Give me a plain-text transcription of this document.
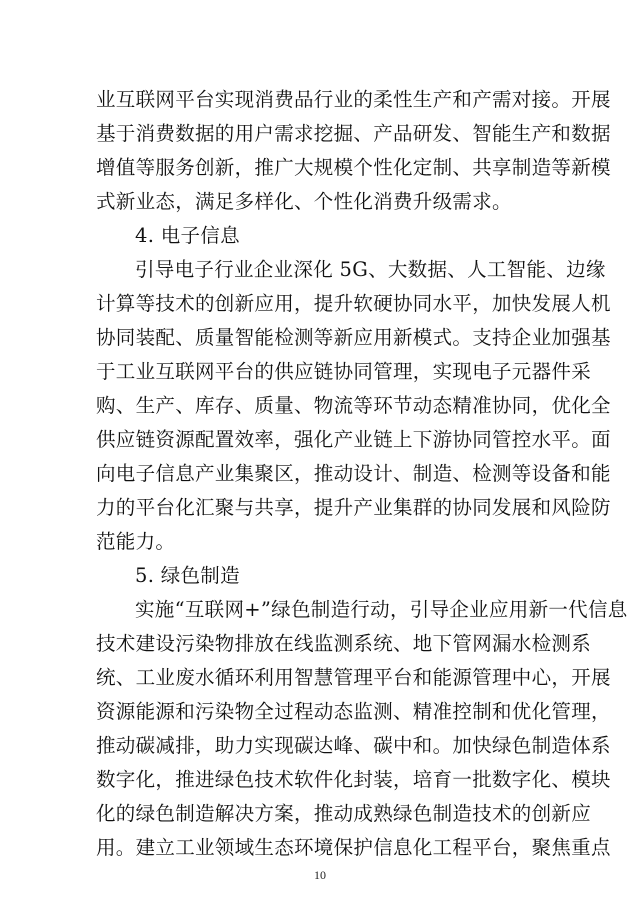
业互联网平台实现消费品行业的柔性生产和产需对接。开展
基于消费数据的用户需求挖掘、产品研发、智能生产和数据
增值等服务创新，推广大规模个性化定制、共享制造等新模
式新业态，满足多样化、个性化消费升级需求。
4. 电子信息
引导电子行业企业深化 5G、大数据、人工智能、边缘
计算等技术的创新应用，提升软硬协同水平，加快发展人机
协同装配、质量智能检测等新应用新模式。支持企业加强基
于工业互联网平台的供应链协同管理，实现电子元器件采
购、生产、库存、质量、物流等环节动态精准协同，优化全
供应链资源配置效率，强化产业链上下游协同管控水平。面
向电子信息产业集聚区，推动设计、制造、检测等设备和能
力的平台化汇聚与共享，提升产业集群的协同发展和风险防
范能力。
5. 绿色制造
实施“互联网+”绿色制造行动，引导企业应用新一代信息
技术建设污染物排放在线监测系统、地下管网漏水检测系
统、工业废水循环利用智慧管理平台和能源管理中心，开展
资源能源和污染物全过程动态监测、精准控制和优化管理，
推动碳减排，助力实现碳达峰、碳中和。加快绿色制造体系
数字化，推进绿色技术软件化封装，培育一批数字化、模块
化的绿色制造解决方案，推动成熟绿色制造技术的创新应
用。建立工业领域生态环境保护信息化工程平台，聚焦重点
10
